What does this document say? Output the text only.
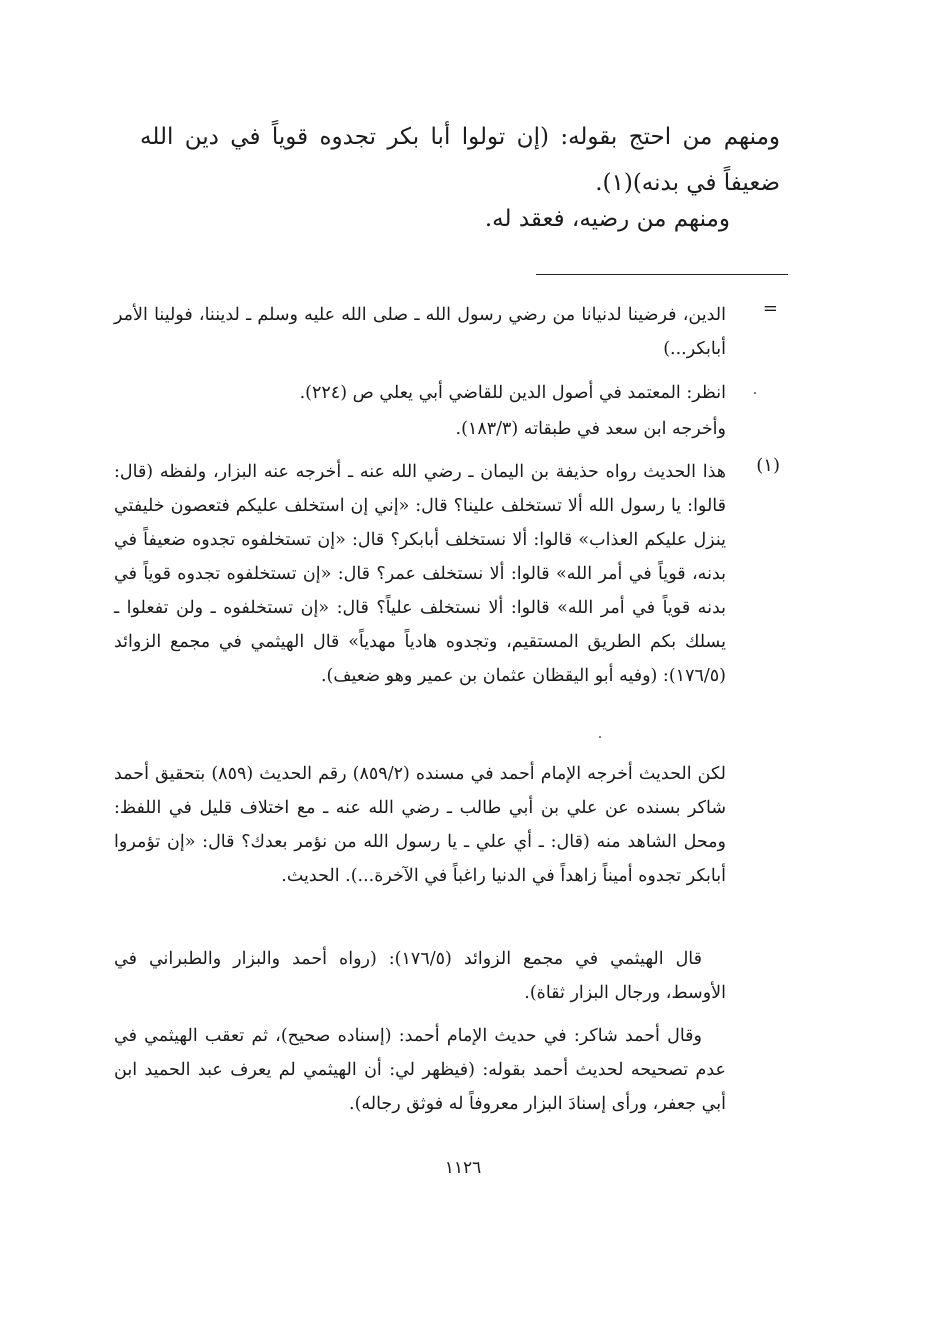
ومنهم من احتج بقوله: (إن تولوا أبا بكر تجدوه قوياً في دين الله ضعيفاً في بدنه)(١).

ومنهم من رضيه، فعقد له.

=

الدين، فرضينا لدنيانا من رضي رسول الله ـ صلى الله عليه وسلم ـ لديننا، فولينا الأمر أبابكر...)

انظر: المعتمد في أصول الدين للقاضي أبي يعلي ص (٢٢٤).

وأخرجه ابن سعد في طبقاته (١٨٣/٣).

(١)

هذا الحديث رواه حذيفة بن اليمان ـ رضي الله عنه ـ أخرجه عنه البزار، ولفظه (قال: قالوا: يا رسول الله ألا تستخلف علينا؟ قال: «إني إن استخلف عليكم فتعصون خليفتي ينزل عليكم العذاب» قالوا: ألا نستخلف أبابكر؟ قال: «إن تستخلفوه تجدوه ضعيفاً في بدنه، قوياً في أمر الله» قالوا: ألا نستخلف عمر؟ قال: «إن تستخلفوه تجدوه قوياً في بدنه قوياً في أمر الله» قالوا: ألا نستخلف علياً؟ قال: «إن تستخلفوه ـ ولن تفعلوا ـ يسلك بكم الطريق المستقيم، وتجدوه هادياً مهدياً» قال الهيثمي في مجمع الزوائد (١٧٦/٥): (وفيه أبو اليقظان عثمان بن عمير وهو ضعيف).

لكن الحديث أخرجه الإمام أحمد في مسنده (٨٥٩/٢) رقم الحديث (٨٥٩) بتحقيق أحمد شاكر بسنده عن علي بن أبي طالب ـ رضي الله عنه ـ مع اختلاف قليل في اللفظ: ومحل الشاهد منه (قال: ـ أي علي ـ يا رسول الله من نؤمر بعدك؟ قال: «إن تؤمروا أبابكر تجدوه أميناً زاهداً في الدنيا راغباً في الآخرة...). الحديث.

قال الهيثمي في مجمع الزوائد (١٧٦/٥): (رواه أحمد والبزار والطبراني في الأوسط، ورجال البزار ثقاة).

وقال أحمد شاكر: في حديث الإمام أحمد: (إسناده صحيح)، ثم تعقب الهيثمي في عدم تصحيحه لحديث أحمد بقوله: (فيظهر لي: أن الهيثمي لم يعرف عبد الحميد ابن أبي جعفر، ورأى إسنادَ البزار معروفاً له فوثق رجاله).

١١٢٦
